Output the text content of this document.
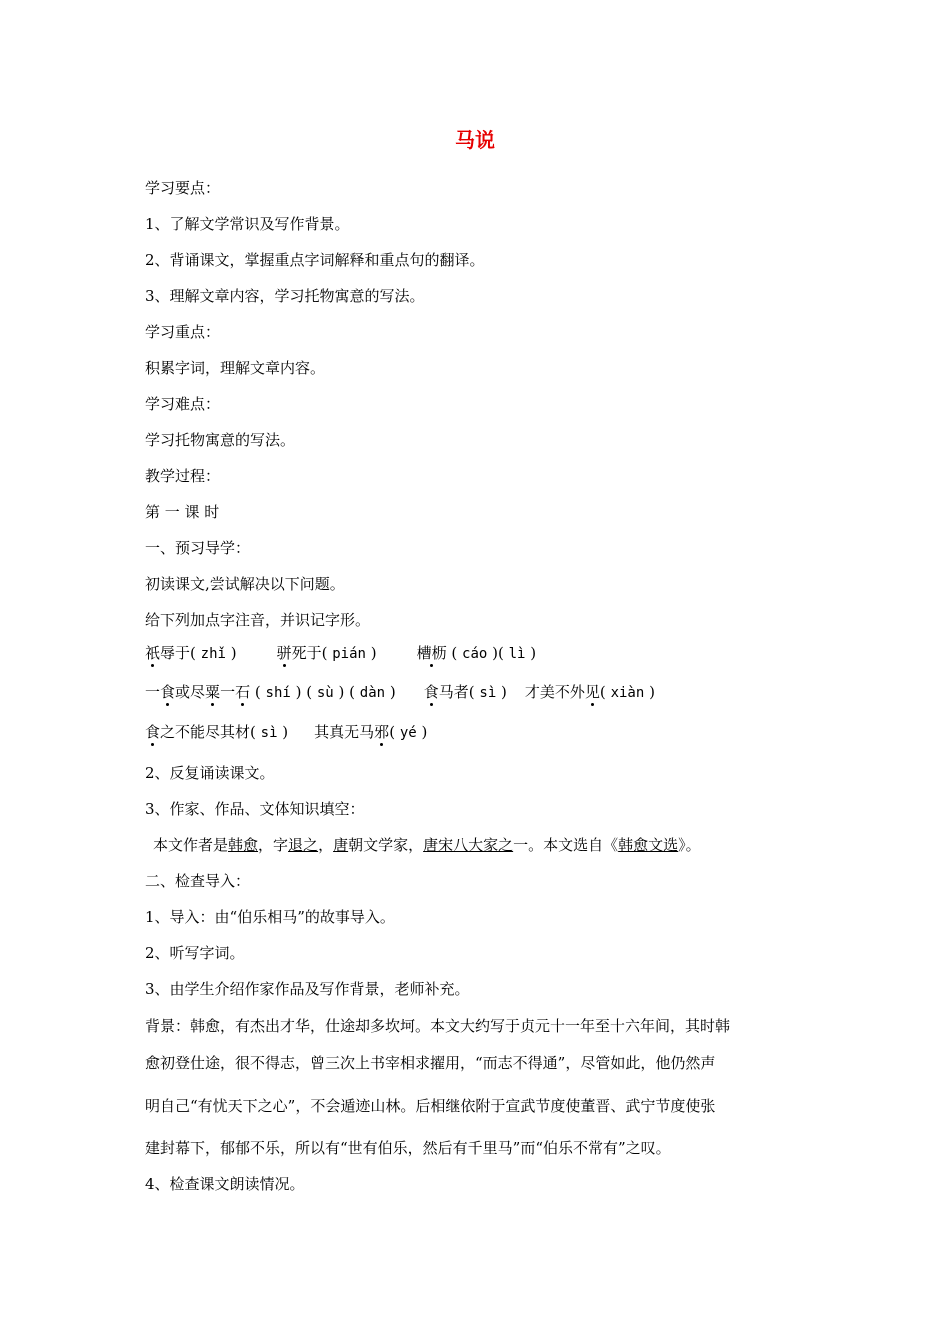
马说
学习要点：
1、了解文学常识及写作背景。
2、背诵课文，掌握重点字词解释和重点句的翻译。
3、理解文章内容，学习托物寓意的写法。
学习重点：
积累字词，理解文章内容。
学习难点：
学习托物寓意的写法。
教学过程：
第 一 课 时
一、预习导学：
初读课文,尝试解决以下问题。
给下列加点字注音，并识记字形。
祇辱于( zhǐ )	骈死于( pián )	槽枥 ( cáo )( lì )
一食或尽粟一石 ( shí ) ( sù ) ( dàn ) 食马者( sì ) 才美不外见( xiàn )
食之不能尽其材( sì ) 其真无马邪( yé )
2、反复诵读课文。
3、作家、作品、文体知识填空：
本文作者是韩愈，字退之，唐朝文学家，唐宋八大家之一。本文选自《韩愈文选》。
二、检查导入：
1、导入：由“伯乐相马”的故事导入。
2、听写字词。
3、由学生介绍作家作品及写作背景，老师补充。
背景：韩愈，有杰出才华，仕途却多坎坷。本文大约写于贞元十一年至十六年间，其时韩
愈初登仕途，很不得志，曾三次上书宰相求擢用，“而志不得通”，尽管如此，他仍然声
明自己“有忧天下之心”，不会遁迹山林。后相继依附于宣武节度使董晋、武宁节度使张
建封幕下，郁郁不乐，所以有“世有伯乐，然后有千里马”而“伯乐不常有”之叹。
4、检查课文朗读情况。
